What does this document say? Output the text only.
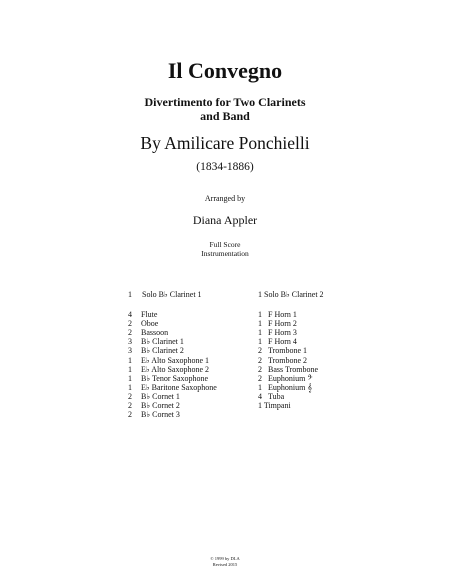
Il Convegno
Divertimento for Two Clarinets
and Band
By Amilicare Ponchielli
(1834-1886)
Arranged by
Diana Appler
Full Score
Instrumentation
1 Solo B♭ Clarinet 1
4 Flute
2 Oboe
2 Bassoon
3 B♭ Clarinet 1
3 B♭ Clarinet 2
1 E♭ Alto Saxophone 1
1 E♭ Alto Saxophone 2
1 B♭ Tenor Saxophone
1 E♭ Baritone Saxophone
2 B♭ Cornet 1
2 B♭ Cornet 2
2 B♭ Cornet 3
1 Solo B♭ Clarinet 2
1 F Horn 1
1 F Horn 2
1 F Horn 3
1 F Horn 4
2 Trombone 1
2 Trombone 2
2 Bass Trombone
2 Euphonium 𝄢
1 Euphonium 𝄞
4 Tuba
1 Timpani
© 1999 by DLA
Revised 2015
